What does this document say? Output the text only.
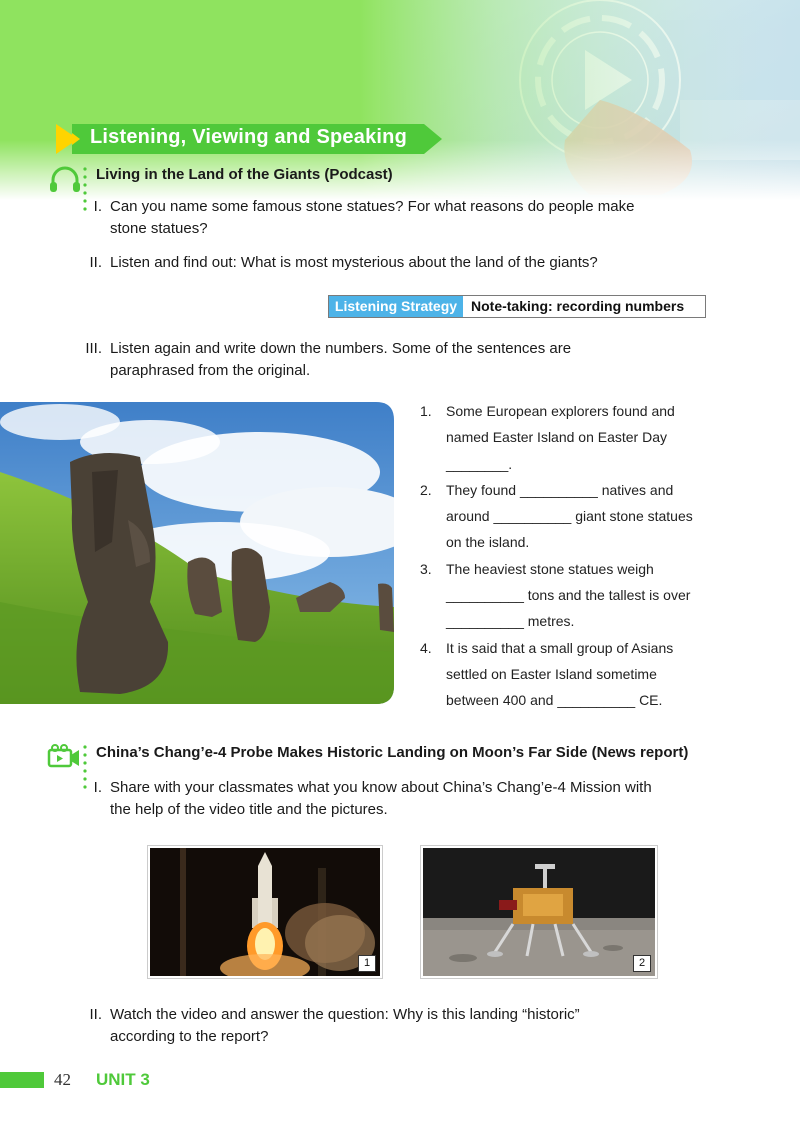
Listening, Viewing and Speaking
Living in the Land of the Giants (Podcast)
I. Can you name some famous stone statues? For what reasons do people make
stone statues?
II. Listen and find out: What is most mysterious about the land of the giants?
Listening Strategy Note-taking: recording numbers
III. Listen again and write down the numbers. Some of the sentences are
paraphrased from the original.
1. Some European explorers found and
named Easter Island on Easter Day
________.
2. They found __________ natives and
around __________ giant stone statues
on the island.
3. The heaviest stone statues weigh
__________ tons and the tallest is over
__________ metres.
4. It is said that a small group of Asians
settled on Easter Island sometime
between 400 and __________ CE.
China’s Chang’e-4 Probe Makes Historic Landing on Moon’s Far Side (News report)
I. Share with your classmates what you know about China’s Chang’e-4 Mission with
the help of the video title and the pictures.
1	2
II. Watch the video and answer the question: Why is this landing “historic”
according to the report?
42 UNIT 3
